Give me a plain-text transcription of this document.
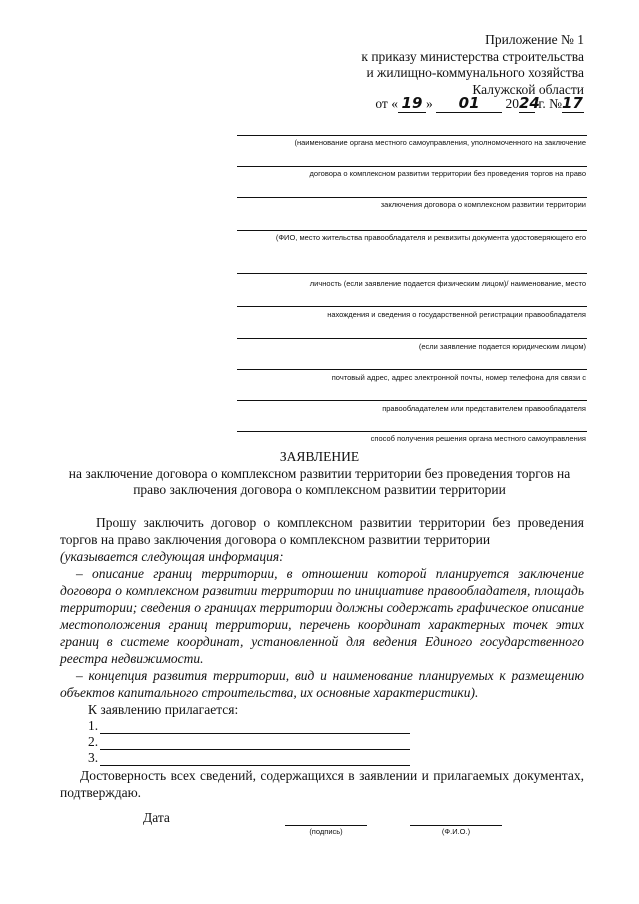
Приложение № 1
к приказу министерства строительства
и жилищно-коммунального хозяйства
Калужской области
от « 19 » 01 2024 г. №17
(наименование органа местного самоуправления, уполномоченного на заключение
договора о комплексном развитии территории без проведения торгов на право
заключения договора о комплексном развитии территории
(ФИО, место жительства правообладателя и реквизиты документа удостоверяющего его
личность (если заявление подается физическим лицом)/ наименование, место
нахождения и сведения о государственной регистрации правообладателя
(если заявление подается юридическим лицом)
почтовый адрес, адрес электронной почты, номер телефона для связи с
правообладателем или представителем правообладателя
способ получения решения органа местного самоуправления
ЗАЯВЛЕНИЕ
на заключение договора о комплексном развитии территории без проведения торгов на
право заключения договора о комплексном развитии территории
Прошу заключить договор о комплексном развитии территории без проведения торгов на право заключения договора о комплексном развитии территории
(указывается следующая информация:
– описание границ территории, в отношении которой планируется заключение договора о комплексном развитии территории по инициативе правообладателя, площадь территории; сведения о границах территории должны содержать графическое описание местоположения границ территории, перечень координат характерных точек этих границ в системе координат, установленной для ведения Единого государственного реестра недвижимости.
– концепция развития территории, вид и наименование планируемых к размещению объектов капитального строительства, их основные характеристики).
К заявлению прилагается:
1.
2.
3.
Достоверность всех сведений, содержащихся в заявлении и прилагаемых документах, подтверждаю.
Дата
(подпись)	(Ф.И.О.)
